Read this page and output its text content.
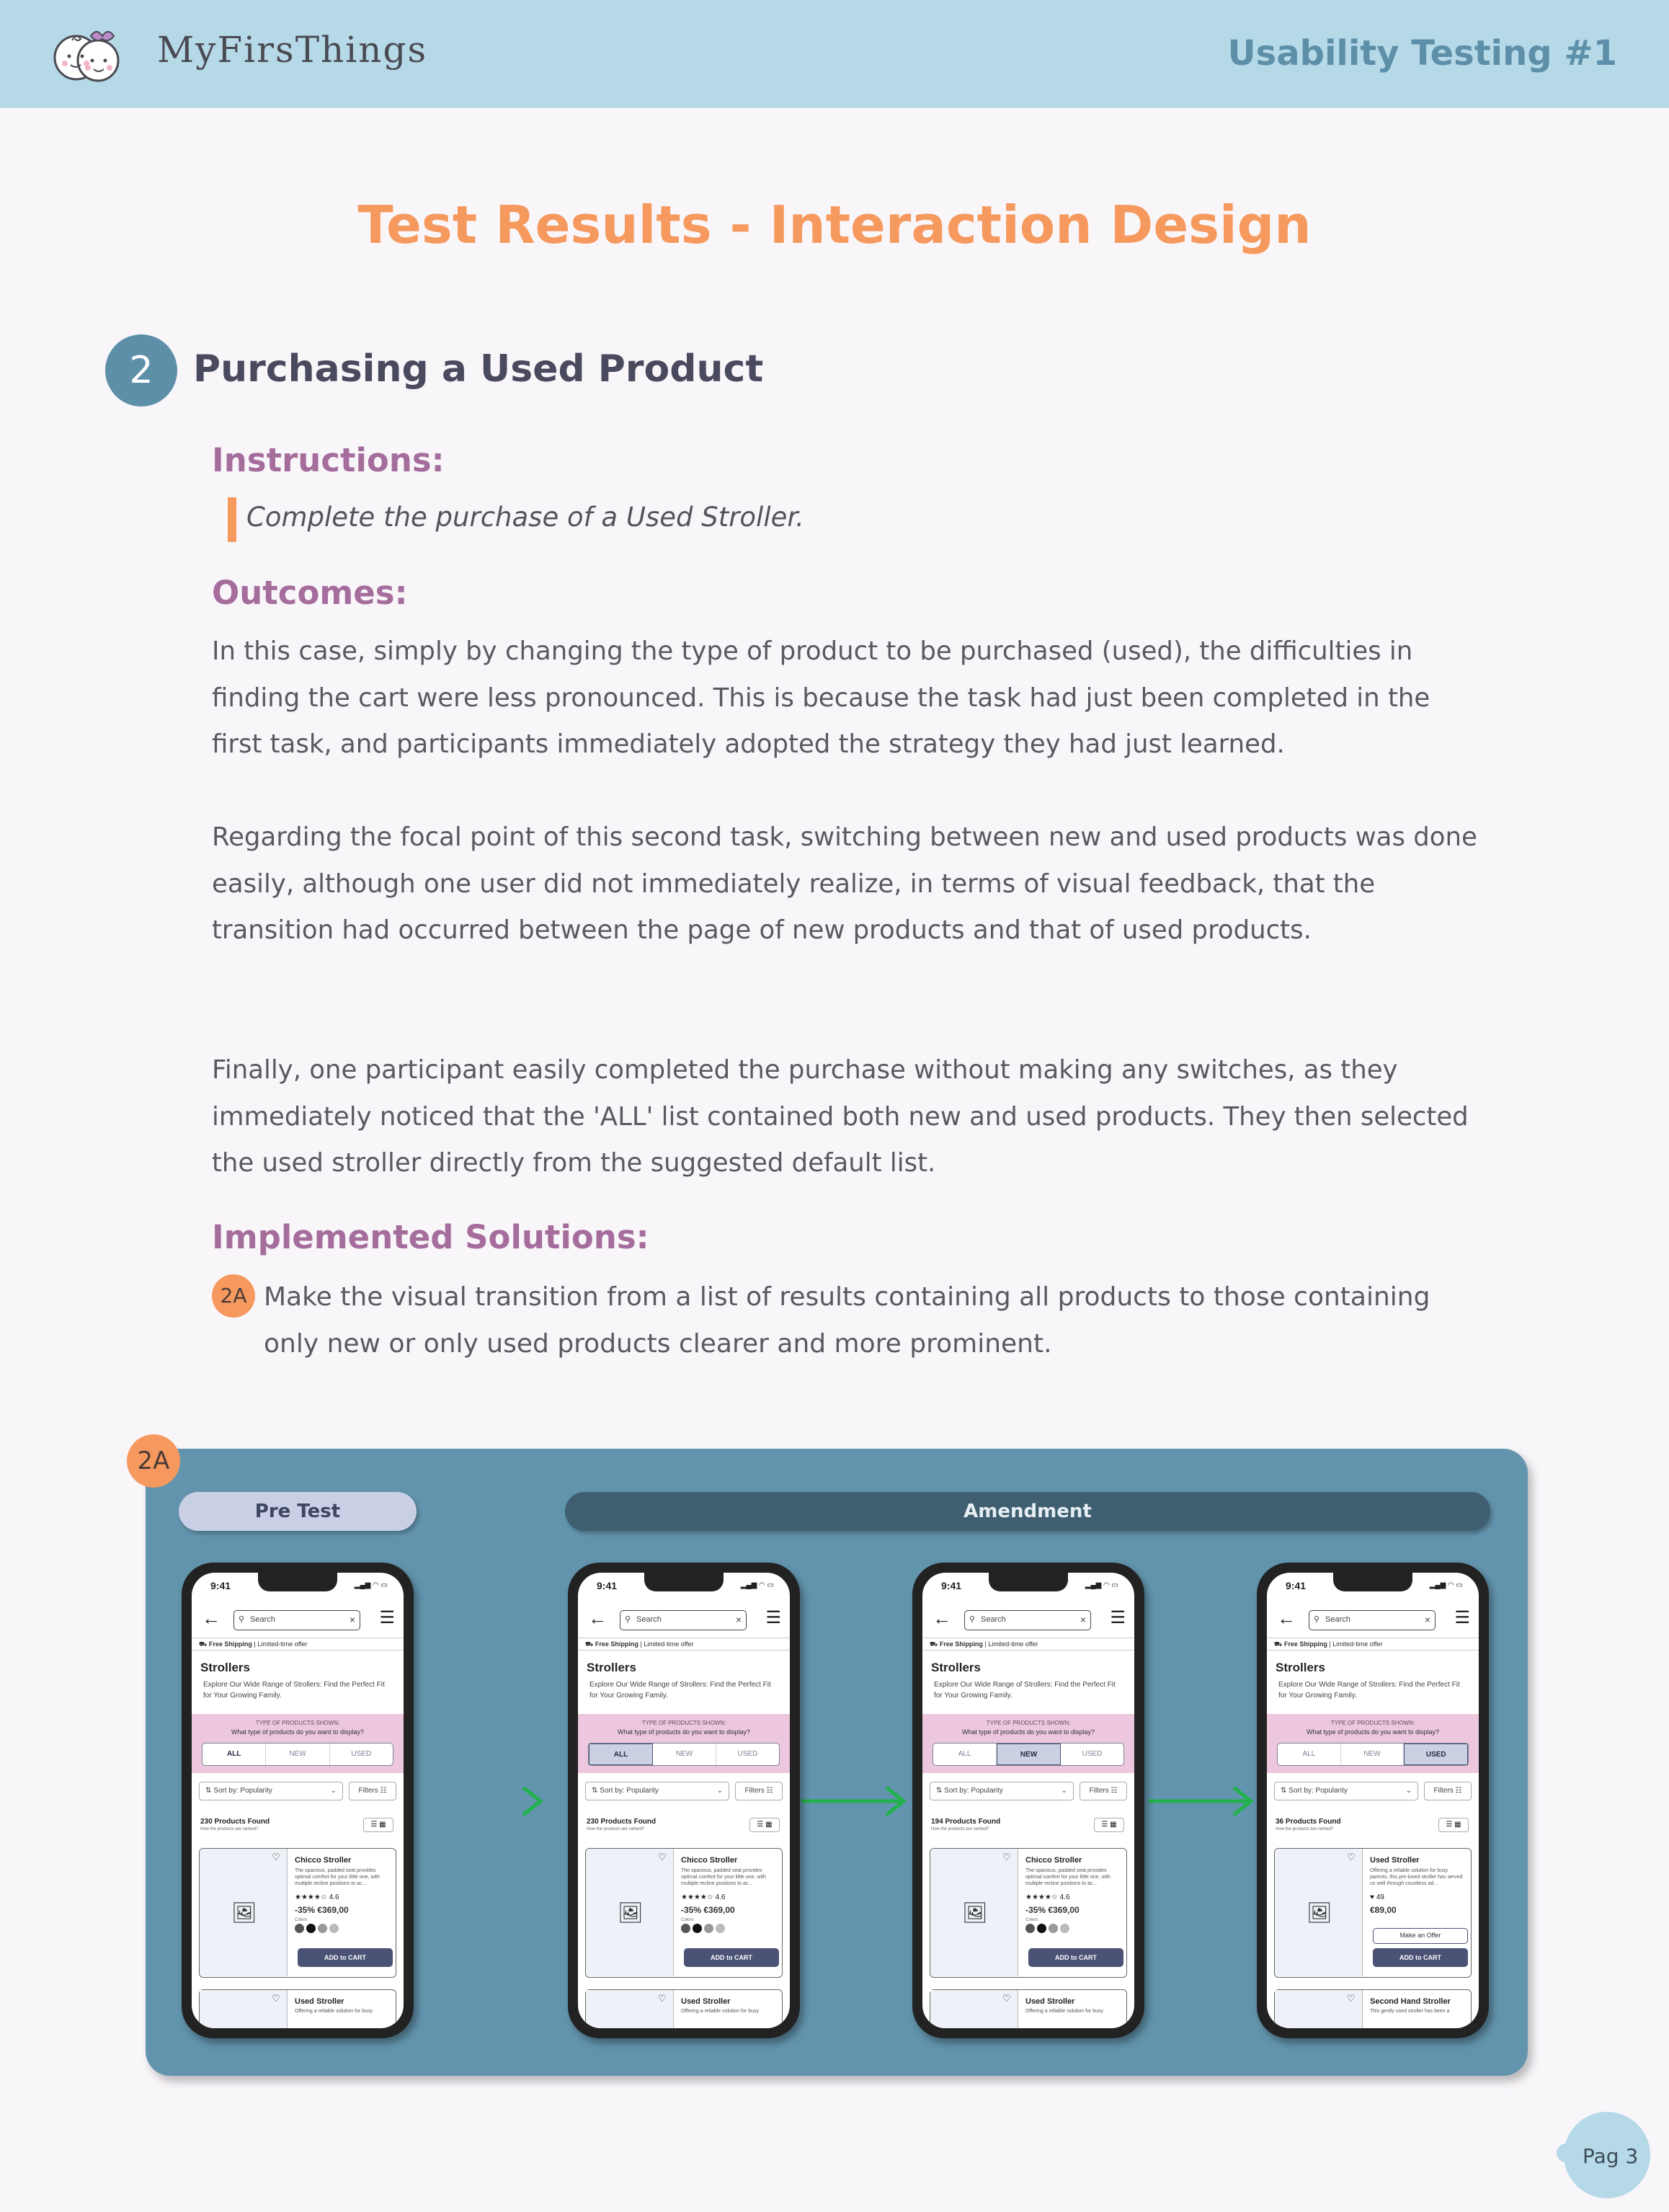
MyFirsThings	Usability Testing #1
Test Results - Interaction Design
2	Purchasing a Used Product
Instructions:
Complete the purchase of a Used Stroller.
Outcomes:
In this case, simply by changing the type of product to be purchased (used), the difficulties in finding the cart were less pronounced. This is because the task had just been completed in the first task, and participants immediately adopted the strategy they had just learned.
Regarding the focal point of this second task, switching between new and used products was done easily, although one user did not immediately realize, in terms of visual feedback, that the transition had occurred between the page of new products and that of used products.
Finally, one participant easily completed the purchase without making any switches, as they immediately noticed that the 'ALL' list contained both new and used products. They then selected the used stroller directly from the suggested default list.
Implemented Solutions:
2A Make the visual transition from a list of results containing all products to those containing only new or only used products clearer and more prominent.
2A
Pre Test	Amendment
9:41	▂▄▆ ◠ ▭
← ⚲ Search	× ☰
⛟ Free Shipping | Limited-time offer
Strollers
Explore Our Wide Range of Strollers: Find the Perfect Fit for Your Growing Family.
TYPE OF PRODUCTS SHOWN:
What type of products do you want to display?
ALL	NEW	USED
⇅ Sort by: Popularity	⌄	Filters ☷
230 Products Found
How the products are ranked?
☰ ▦
🖼
♡ Chicco Stroller
The spacious, padded seat provides optimal comfort for your little one, with multiple recline positions to ac...
★★★★☆ 4.6
-35% €369,00
Colors
ADD to CART
♡ Used Stroller
Offering a reliable solution for busy
9:41	▂▄▆ ◠ ▭
← ⚲ Search	× ☰
⛟ Free Shipping | Limited-time offer
Strollers
Explore Our Wide Range of Strollers: Find the Perfect Fit for Your Growing Family.
TYPE OF PRODUCTS SHOWN:
What type of products do you want to display?
ALL	NEW	USED
⇅ Sort by: Popularity	⌄	Filters ☷
230 Products Found
How the products are ranked?
☰ ▦
🖼
♡ Chicco Stroller
The spacious, padded seat provides optimal comfort for your little one, with multiple recline positions to ac...
★★★★☆ 4.6
-35% €369,00
Colors
ADD to CART
♡ Used Stroller
Offering a reliable solution for busy
9:41	▂▄▆ ◠ ▭
← ⚲ Search	× ☰
⛟ Free Shipping | Limited-time offer
Strollers
Explore Our Wide Range of Strollers: Find the Perfect Fit for Your Growing Family.
TYPE OF PRODUCTS SHOWN:
What type of products do you want to display?
ALL	NEW	USED
⇅ Sort by: Popularity	⌄	Filters ☷
194 Products Found
How the products are ranked?
☰ ▦
🖼
♡ Chicco Stroller
The spacious, padded seat provides optimal comfort for your little one, with multiple recline positions to ac...
★★★★☆ 4.6
-35% €369,00
Colors
ADD to CART
♡ Used Stroller
Offering a reliable solution for busy
9:41	▂▄▆ ◠ ▭
← ⚲ Search	× ☰
⛟ Free Shipping | Limited-time offer
Strollers
Explore Our Wide Range of Strollers: Find the Perfect Fit for Your Growing Family.
TYPE OF PRODUCTS SHOWN:
What type of products do you want to display?
ALL	NEW	USED
⇅ Sort by: Popularity	⌄	Filters ☷
36 Products Found
How the products are ranked?
☰ ▦
🖼
♡ Used Stroller
Offering a reliable solution for busy parents, this pre-loved stroller has served us well through countless ad...
♥ 49
€89,00
Make an Offer
ADD to CART
♡ Second Hand Stroller
This gently used stroller has been a
Pag 3
